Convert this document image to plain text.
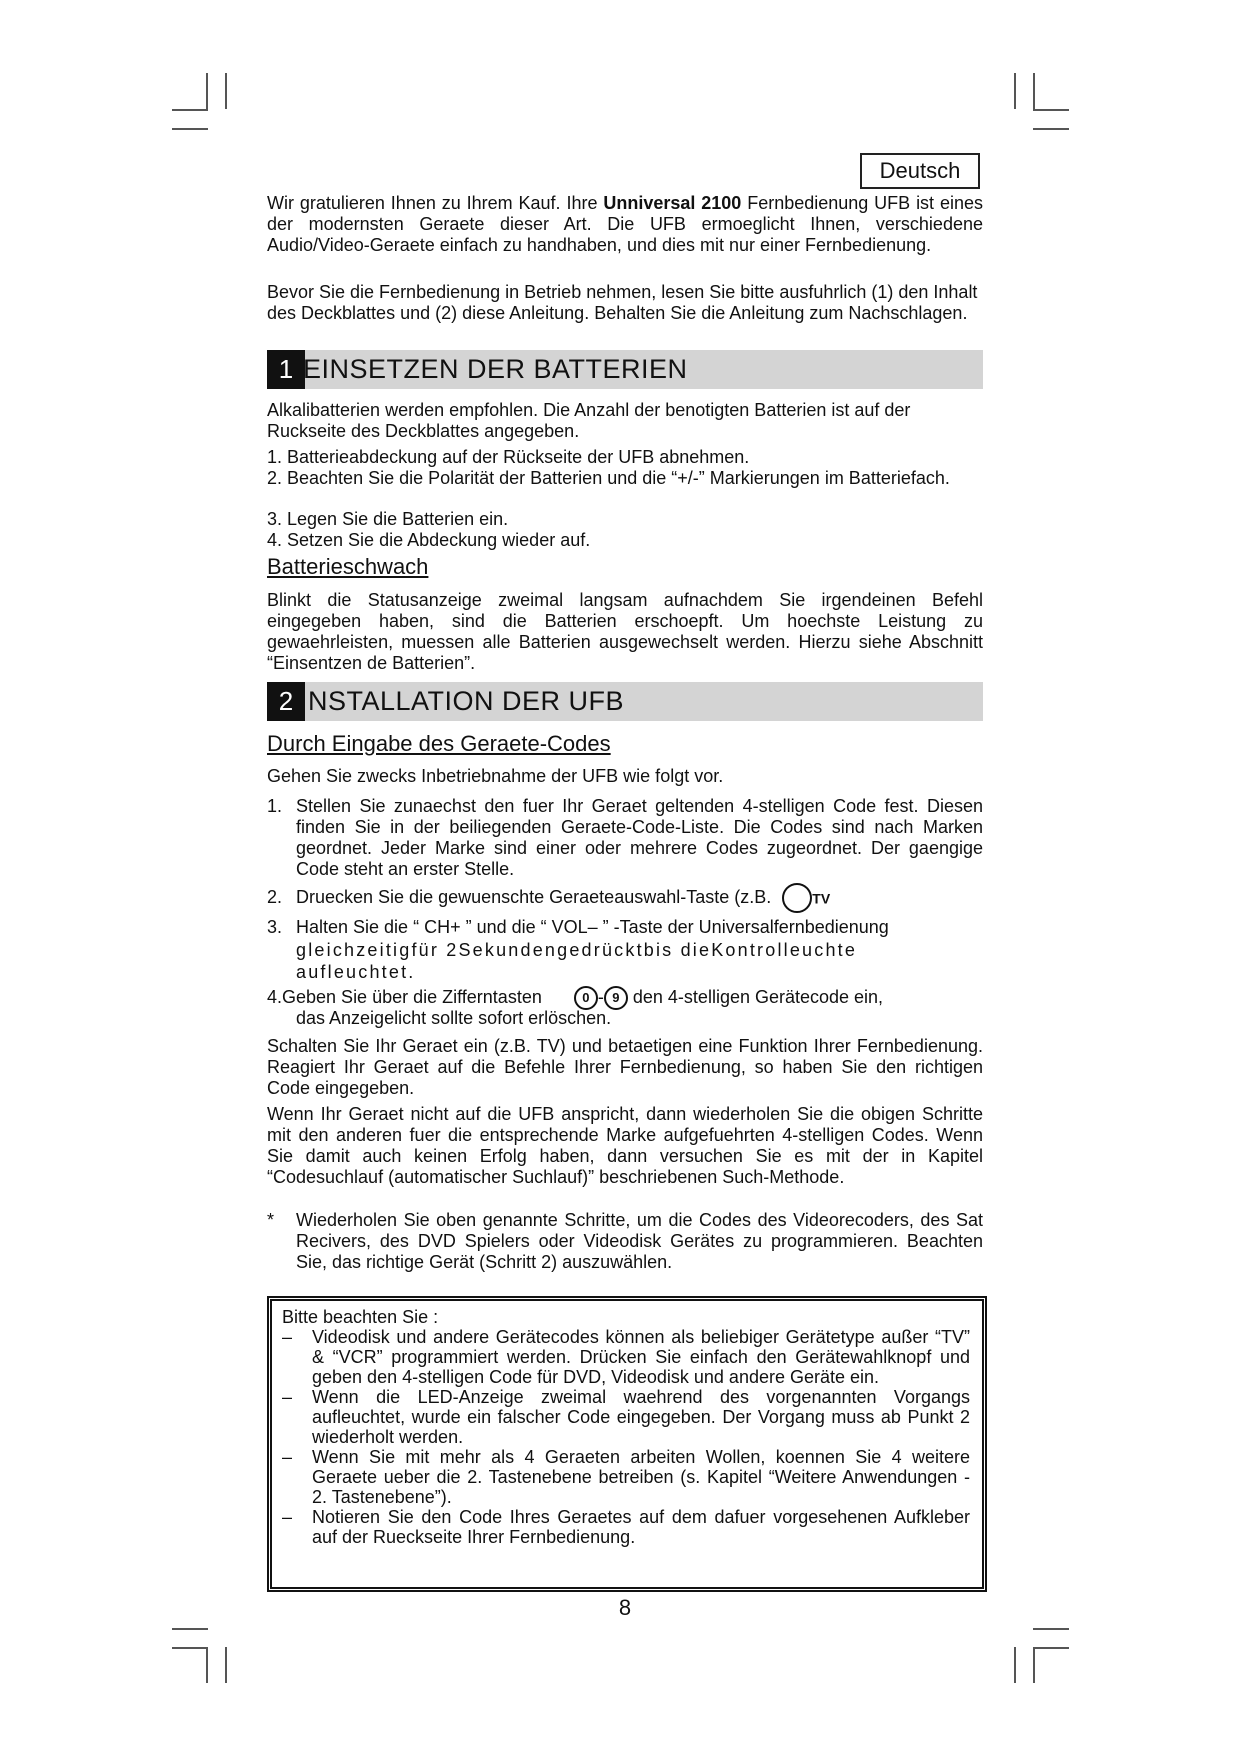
Deutsch
Wir gratulieren Ihnen zu Ihrem Kauf. Ihre Unniversal 2100 Fernbedienung UFB ist eines der modernsten Geraete dieser Art. Die UFB ermoeglicht Ihnen, verschiedene Audio/Video-Geraete einfach zu handhaben, und dies mit nur einer Fernbedienung.
Bevor Sie die Fernbedienung in Betrieb nehmen, lesen Sie bitte ausfuhrlich (1) den Inhalt des Deckblattes und (2) diese Anleitung. Behalten Sie die Anleitung zum Nachschlagen.
1 EINSETZEN DER BATTERIEN
Alkalibatterien werden empfohlen. Die Anzahl der benotigten Batterien ist auf der Ruckseite des Deckblattes angegeben.
1. Batterieabdeckung auf der Rückseite der UFB abnehmen.
2. Beachten Sie die Polarität der Batterien und die “+/-” Markierungen im Batteriefach.
3. Legen Sie die Batterien ein.
4. Setzen Sie die Abdeckung wieder auf.
Batterieschwach
Blinkt die Statusanzeige zweimal langsam aufnachdem Sie irgendeinen Befehl eingegeben haben, sind die Batterien erschoepft. Um hoechste Leistung zu gewaehrleisten, muessen alle Batterien ausgewechselt werden. Hierzu siehe Abschnitt “Einsentzen de Batterien”.
2 NSTALLATION DER UFB
Durch Eingabe des Geraete-Codes
Gehen Sie zwecks Inbetriebnahme der UFB wie folgt vor.
1. Stellen Sie zunaechst den fuer Ihr Geraet geltenden 4-stelligen Code fest. Diesen finden Sie in der beiliegenden Geraete-Code-Liste. Die Codes sind nach Marken geordnet. Jeder Marke sind einer oder mehrere Codes zugeordnet. Der gaengige Code steht an erster Stelle.
2. Druecken Sie die gewuenschte Geraeteauswahl-Taste (z.B.	TV
3. Halten Sie die “ CH+ ” und die “ VOL– ” -Taste der Universalfernbedienung
gleichzeitigfür 2Sekundengedrücktbis dieKontrolleuchte aufleuchtet.
4.Geben Sie über die Zifferntasten	0 - 9 den 4-stelligen Gerätecode ein,
das Anzeigelicht sollte sofort erlöschen.
Schalten Sie Ihr Geraet ein (z.B. TV) und betaetigen eine Funktion Ihrer Fernbedienung. Reagiert Ihr Geraet auf die Befehle Ihrer Fernbedienung, so haben Sie den richtigen Code eingegeben.
Wenn Ihr Geraet nicht auf die UFB anspricht, dann wiederholen Sie die obigen Schritte mit den anderen fuer die entsprechende Marke aufgefuehrten 4-stelligen Codes. Wenn Sie damit auch keinen Erfolg haben, dann versuchen Sie es mit der in Kapitel “Codesuchlauf (automatischer Suchlauf)” beschriebenen Such-Methode.
* Wiederholen Sie oben genannte Schritte, um die Codes des Videorecoders, des Sat Recivers, des DVD Spielers oder Videodisk Gerätes zu programmieren. Beachten Sie, das richtige Gerät (Schritt 2) auszuwählen.
Bitte beachten Sie :
– Videodisk und andere Gerätecodes können als beliebiger Gerätetype außer “TV” & “VCR” programmiert werden. Drücken Sie einfach den Gerätewahlknopf und geben den 4-stelligen Code für DVD, Videodisk und andere Geräte ein.
– Wenn die LED-Anzeige zweimal waehrend des vorgenannten Vorgangs aufleuchtet, wurde ein falscher Code eingegeben. Der Vorgang muss ab Punkt 2 wiederholt werden.
– Wenn Sie mit mehr als 4 Geraeten arbeiten Wollen, koennen Sie 4 weitere Geraete ueber die 2. Tastenebene betreiben (s. Kapitel “Weitere Anwendungen - 2. Tastenebene”).
– Notieren Sie den Code Ihres Geraetes auf dem dafuer vorgesehenen Aufkleber auf der Rueckseite Ihrer Fernbedienung.
8
